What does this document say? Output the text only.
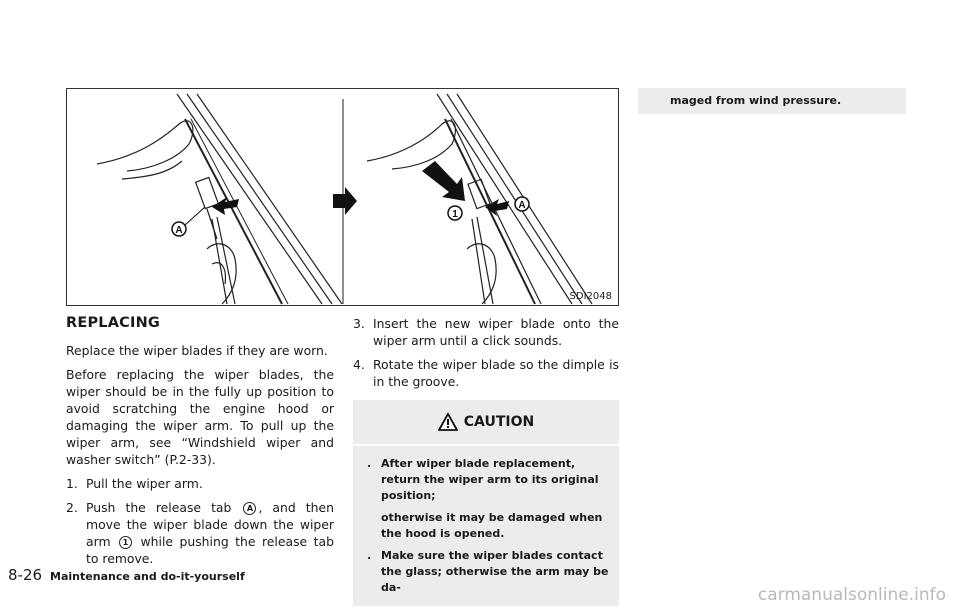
A
1
A
SDI2048
REPLACING

Replace the wiper blades if they are worn.

Before replacing the wiper blades, the wiper should be in the fully up position to avoid scratching the engine hood or damaging the wiper arm. To pull up the wiper arm, see “Windshield wiper and washer switch” (P.2-33).

1. Pull the wiper arm.
2. Push the release tab A , and then move the wiper blade down the wiper arm 1 while pushing the release tab to remove.
3. Insert the new wiper blade onto the wiper arm until a click sounds.
4. Rotate the wiper blade so the dimple is in the groove.
CAUTION
. After wiper blade replacement, return the wiper arm to its original position;
otherwise it may be damaged when the hood is opened.
. Make sure the wiper blades contact the glass; otherwise the arm may be da-
maged from wind pressure.
8-26 Maintenance and do-it-yourself
carmanualsonline.info
